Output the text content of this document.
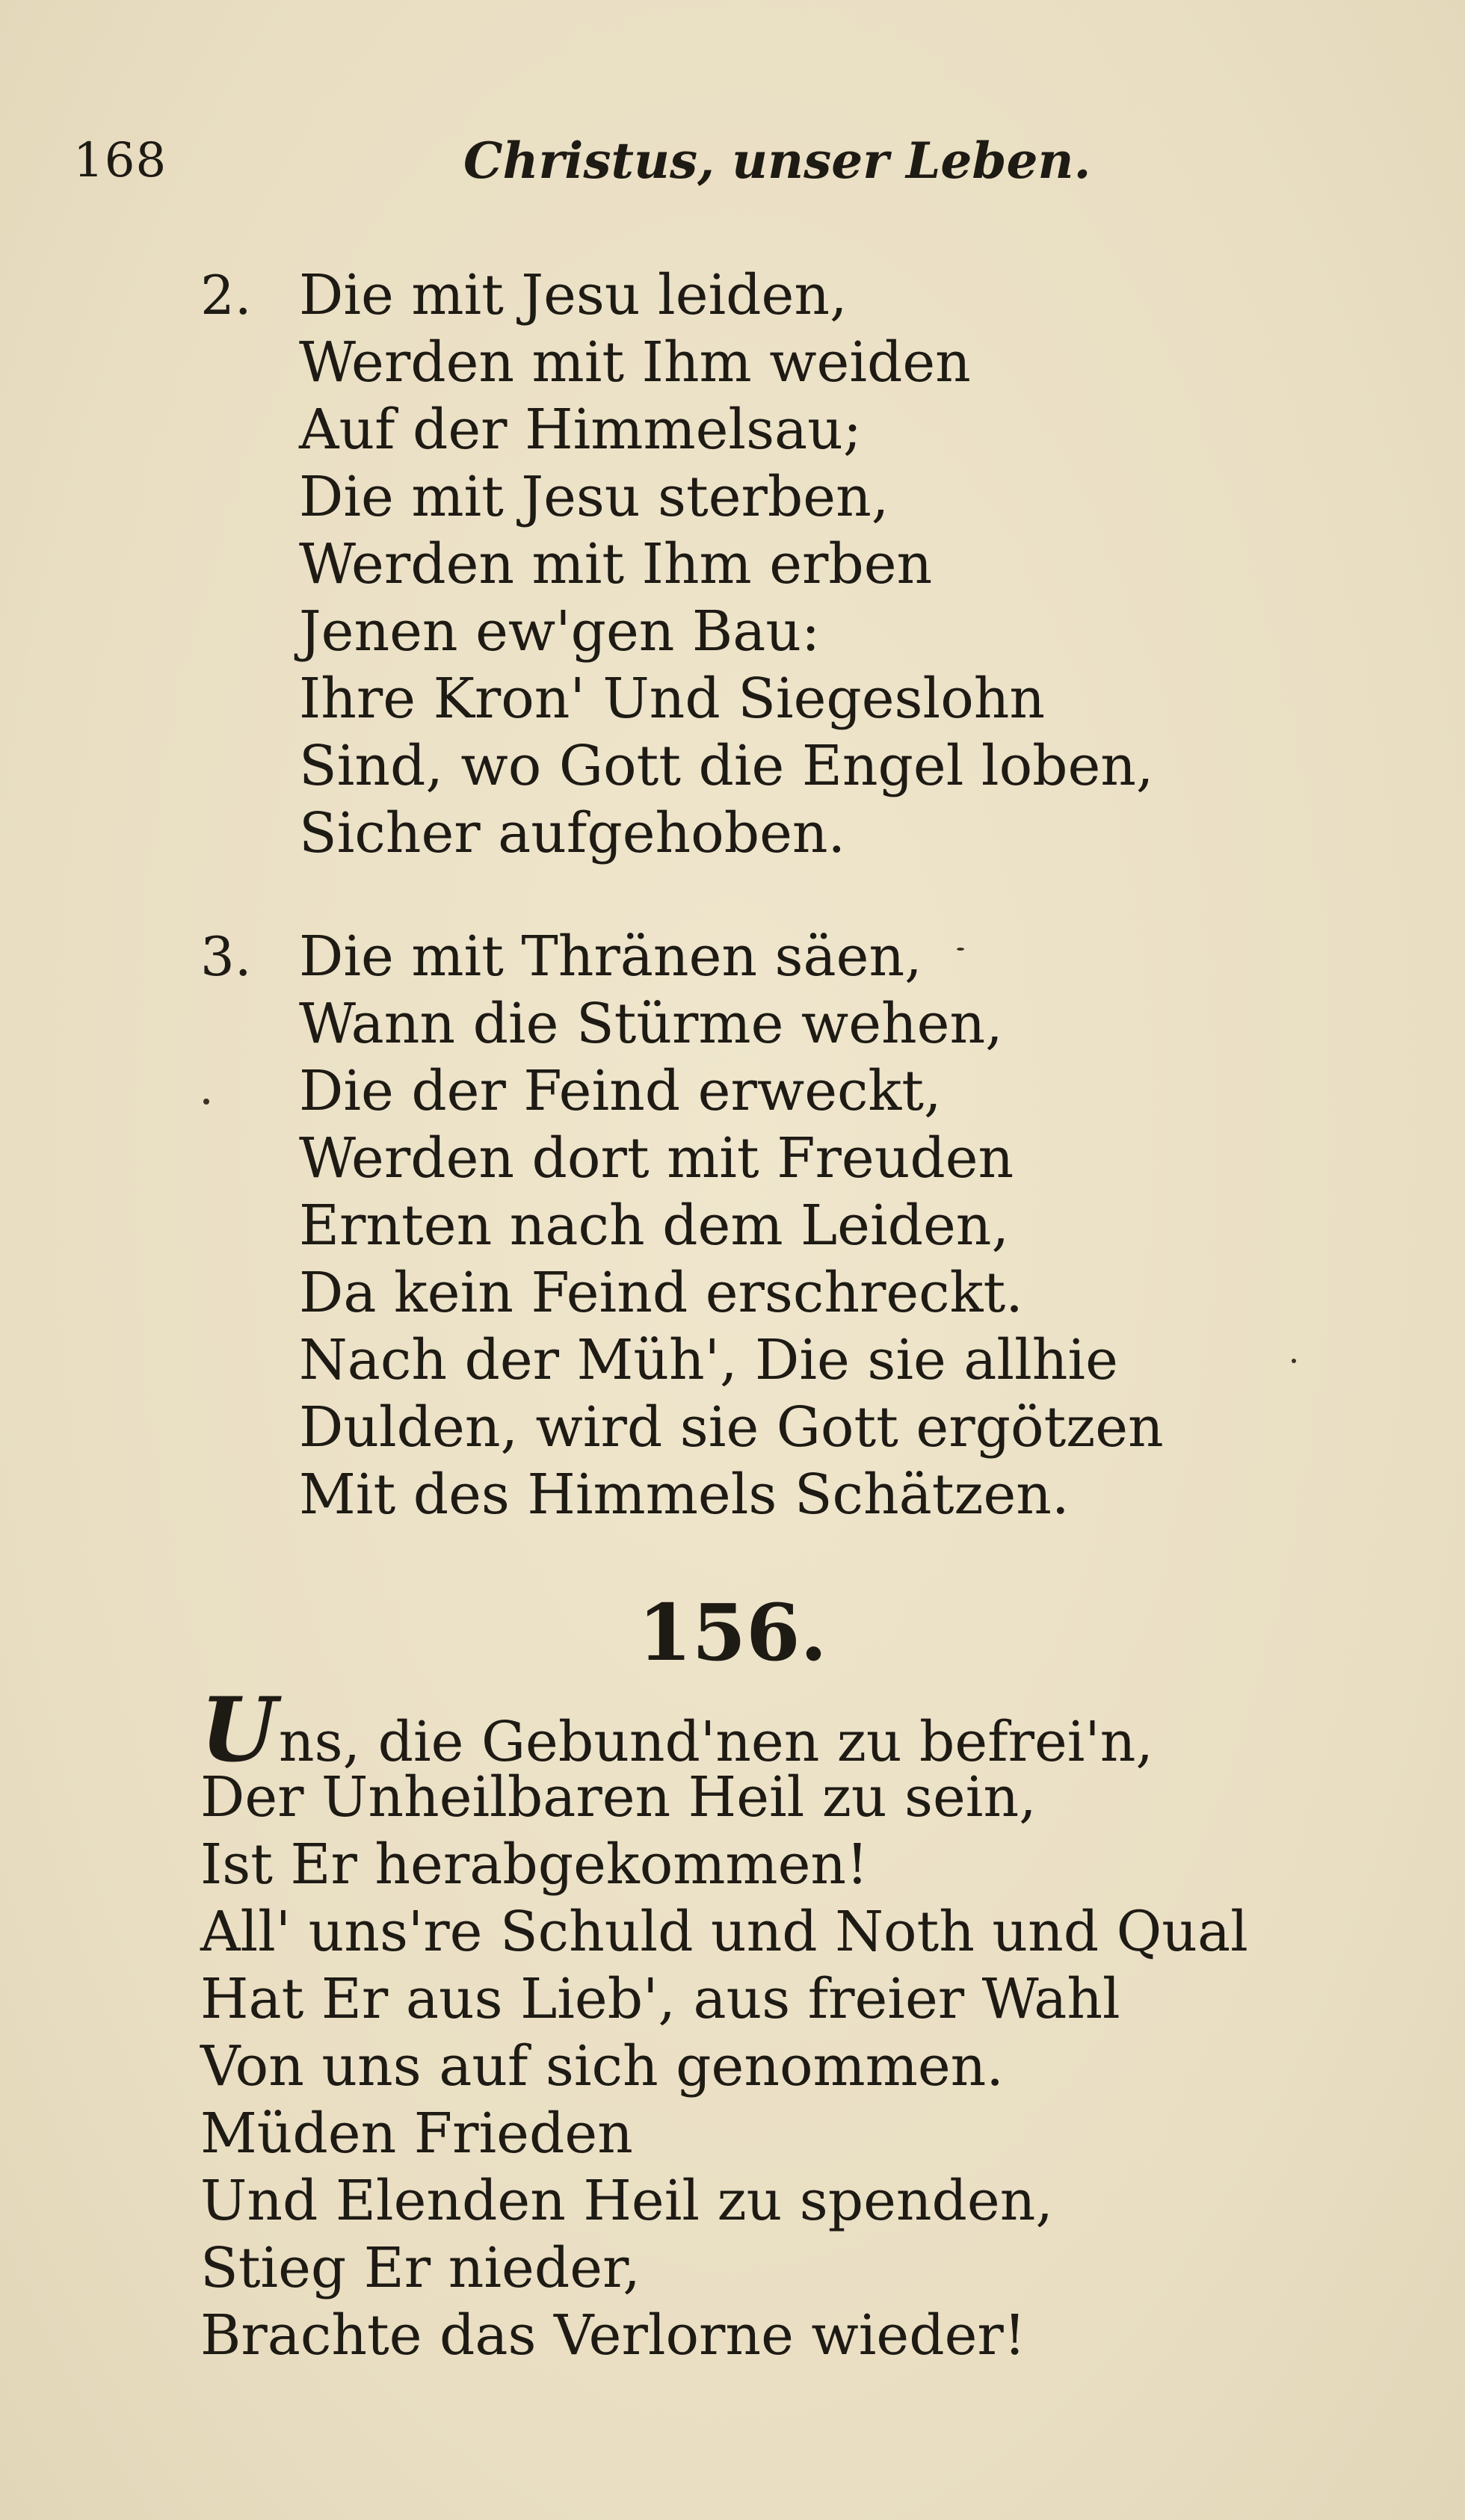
168	Christus, unser Leben.
2. Die mit Jesu leiden,
Werden mit Ihm weiden
Auf der Himmelsau;
Die mit Jesu sterben,
Werden mit Ihm erben
Jenen ew'gen Bau:
Ihre Kron' Und Siegeslohn
Sind, wo Gott die Engel loben,
Sicher aufgehoben.
3. Die mit Thränen säen,
Wann die Stürme wehen,
Die der Feind erweckt,
Werden dort mit Freuden
Ernten nach dem Leiden,
Da kein Feind erschreckt.
Nach der Müh', Die sie allhie
Dulden, wird sie Gott ergötzen
Mit des Himmels Schätzen.
156.
Uns, die Gebund'nen zu befrei'n,
Der Unheilbaren Heil zu sein,
Ist Er herabgekommen!
All' uns're Schuld und Noth und Qual
Hat Er aus Lieb', aus freier Wahl
Von uns auf sich genommen.
Müden Frieden
Und Elenden Heil zu spenden,
Stieg Er nieder,
Brachte das Verlorne wieder!
